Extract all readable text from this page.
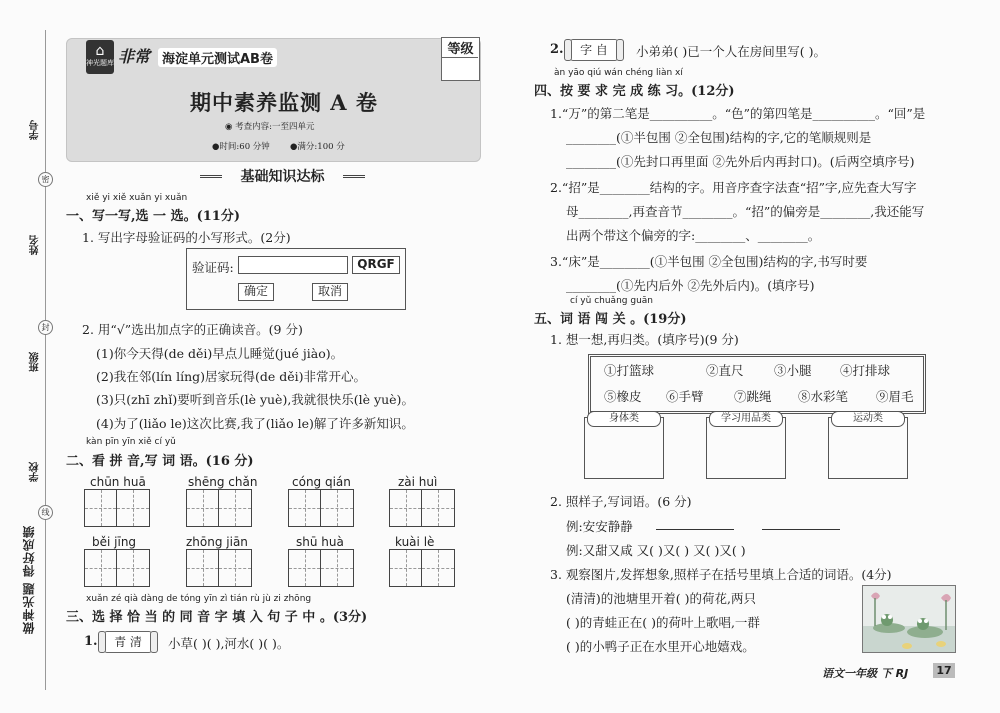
学号
密
姓名
封
班级
学校
线
做神光题 得好成绩
⌂
神光题库 非常 海淀单元测试AB卷
等级
期中素养监测 A 卷
◉ 考查内容:一至四单元
●时间:60 分钟 ●满分:100 分
基础知识达标
xiě yi xiě xuǎn yi xuǎn
一、写一写,选 一 选。(11分)
1. 写出字母验证码的小写形式。(2分)
验证码:	QRGF
确定	取消
2. 用“√”选出加点字的正确读音。(9 分)
(1)你今天得(de děi)早点儿睡觉(jué jiào)。
(2)我在邻(lín líng)居家玩得(de děi)非常开心。
(3)只(zhī zhǐ)要听到音乐(lè yuè),我就很快乐(lè yuè)。
(4)为了(liǎo le)这次比赛,我了(liǎo le)解了许多新知识。
kàn pīn yīn xiě cí yǔ
二、看 拼 音,写 词 语。(16 分)
chūn huā	shēng chǎn	cóng qián	zài huì
běi jīng	zhōng jiān	shū huà	kuài lè
xuǎn zé qià dàng de tóng yīn zì tián rù jù zi zhōng
三、选 择 恰 当 的 同 音 字 填 入 句 子 中 。(3分)
1.	青 清	小草( )( ),河水( )( )。
2.	字 自	小弟弟( )已一个人在房间里写( )。
àn yāo qiú wán chéng liàn xí
四、按 要 求 完 成 练 习。(12分)
1.“万”的第二笔是__________。“色”的第四笔是__________。“回”是
________(①半包围 ②全包围)结构的字,它的笔顺规则是
________(①先封口再里面 ②先外后内再封口)。(后两空填序号)
2.“招”是________结构的字。用音序查字法查“招”字,应先查大写字
母________,再查音节________。“招”的偏旁是________,我还能写
出两个带这个偏旁的字:________、________。
3.“床”是________(①半包围 ②全包围)结构的字,书写时要
________(①先内后外 ②先外后内)。(填序号)
cí yǔ chuǎng guān
五、词 语 闯 关 。(19分)
1. 想一想,再归类。(填序号)(9 分)
①打篮球	②直尺 ③小腿 ④打排球
⑤橡皮 ⑥手臂 ⑦跳绳 ⑧水彩笔 ⑨眉毛
身体类	学习用品类	运动类
2. 照样子,写词语。(6 分)
例:安安静静
例:又甜又咸 又( )又( ) 又( )又( )
3. 观察图片,发挥想象,照样子在括号里填上合适的词语。(4分)
(清清)的池塘里开着( )的荷花,两只
( )的青蛙正在( )的荷叶上歌唱,一群
( )的小鸭子正在水里开心地嬉戏。
语文一年级 下 RJ	17
